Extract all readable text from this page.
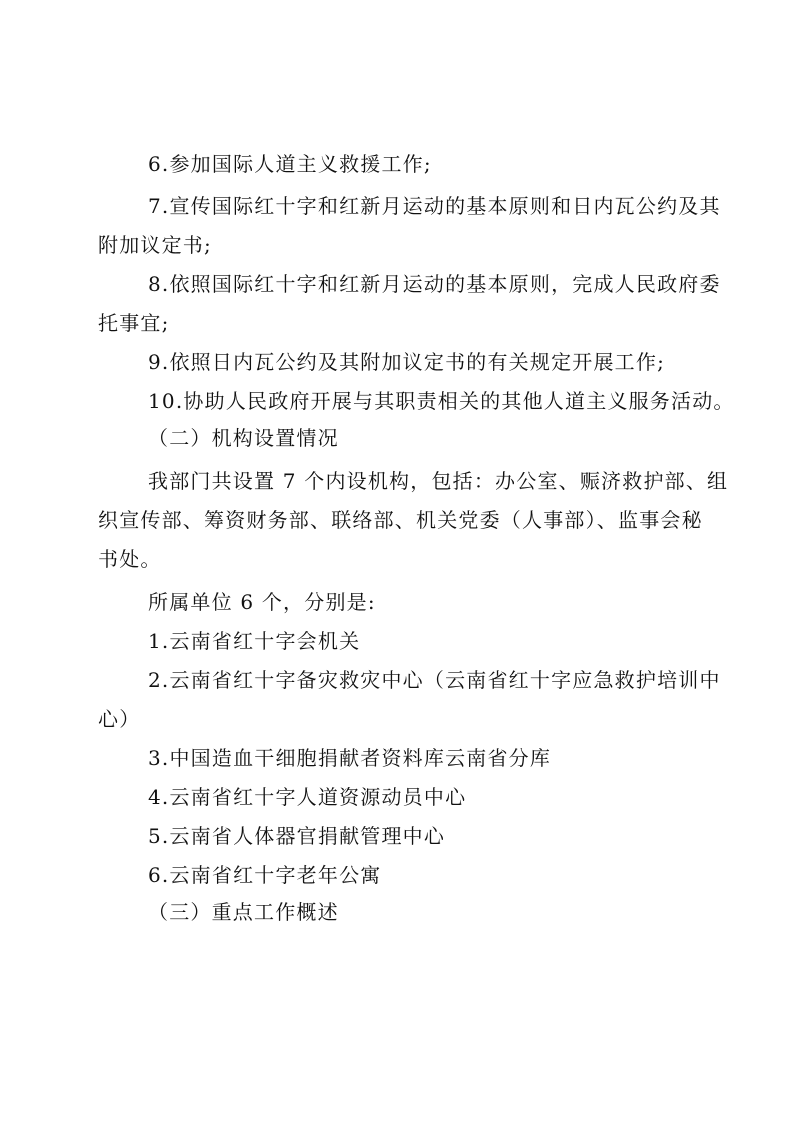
6.参加国际人道主义救援工作;
7.宣传国际红十字和红新月运动的基本原则和日内瓦公约及其
附加议定书;
8.依照国际红十字和红新月运动的基本原则，完成人民政府委
托事宜;
9.依照日内瓦公约及其附加议定书的有关规定开展工作;
10.协助人民政府开展与其职责相关的其他人道主义服务活动。
（二）机构设置情况
我部门共设置 7 个内设机构，包括：办公室、赈济救护部、组
织宣传部、筹资财务部、联络部、机关党委（人事部）、监事会秘
书处。
所属单位 6 个，分别是:
1.云南省红十字会机关
2.云南省红十字备灾救灾中心（云南省红十字应急救护培训中
心）
3.中国造血干细胞捐献者资料库云南省分库
4.云南省红十字人道资源动员中心
5.云南省人体器官捐献管理中心
6.云南省红十字老年公寓
（三）重点工作概述
